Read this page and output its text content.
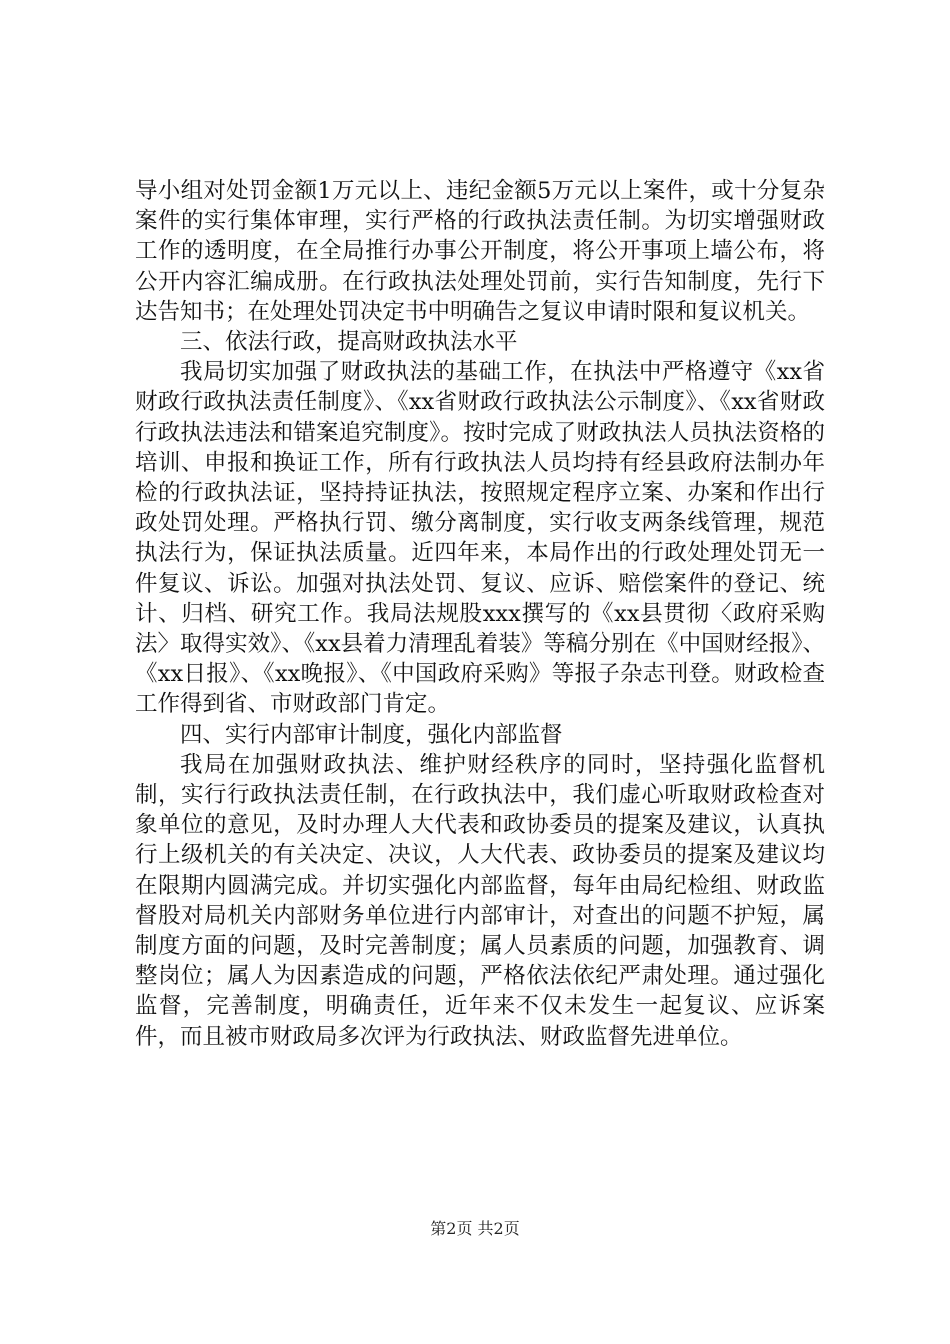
导小组对处罚金额1万元以上、违纪金额5万元以上案件，或十分复杂案件的实行集体审理，实行严格的行政执法责任制。为切实增强财政工作的透明度，在全局推行办事公开制度，将公开事项上墙公布，将公开内容汇编成册。在行政执法处理处罚前，实行告知制度，先行下达告知书；在处理处罚决定书中明确告之复议申请时限和复议机关。

三、依法行政，提高财政执法水平

我局切实加强了财政执法的基础工作，在执法中严格遵守《xx省财政行政执法责任制度》、《xx省财政行政执法公示制度》、《xx省财政行政执法违法和错案追究制度》。按时完成了财政执法人员执法资格的培训、申报和换证工作，所有行政执法人员均持有经县政府法制办年检的行政执法证，坚持持证执法，按照规定程序立案、办案和作出行政处罚处理。严格执行罚、缴分离制度，实行收支两条线管理，规范执法行为，保证执法质量。近四年来，本局作出的行政处理处罚无一件复议、诉讼。加强对执法处罚、复议、应诉、赔偿案件的登记、统计、归档、研究工作。我局法规股xxx撰写的《xx县贯彻〈政府采购法〉取得实效》、《xx县着力清理乱着装》等稿分别在《中国财经报》、《xx日报》、《xx晚报》、《中国政府采购》等报子杂志刊登。财政检查工作得到省、市财政部门肯定。

四、实行内部审计制度，强化内部监督

我局在加强财政执法、维护财经秩序的同时，坚持强化监督机制，实行行政执法责任制，在行政执法中，我们虚心听取财政检查对象单位的意见，及时办理人大代表和政协委员的提案及建议，认真执行上级机关的有关决定、决议，人大代表、政协委员的提案及建议均在限期内圆满完成。并切实强化内部监督，每年由局纪检组、财政监督股对局机关内部财务单位进行内部审计，对查出的问题不护短，属制度方面的问题，及时完善制度；属人员素质的问题，加强教育、调整岗位；属人为因素造成的问题，严格依法依纪严肃处理。通过强化监督，完善制度，明确责任，近年来不仅未发生一起复议、应诉案件，而且被市财政局多次评为行政执法、财政监督先进单位。

第2页 共2页
